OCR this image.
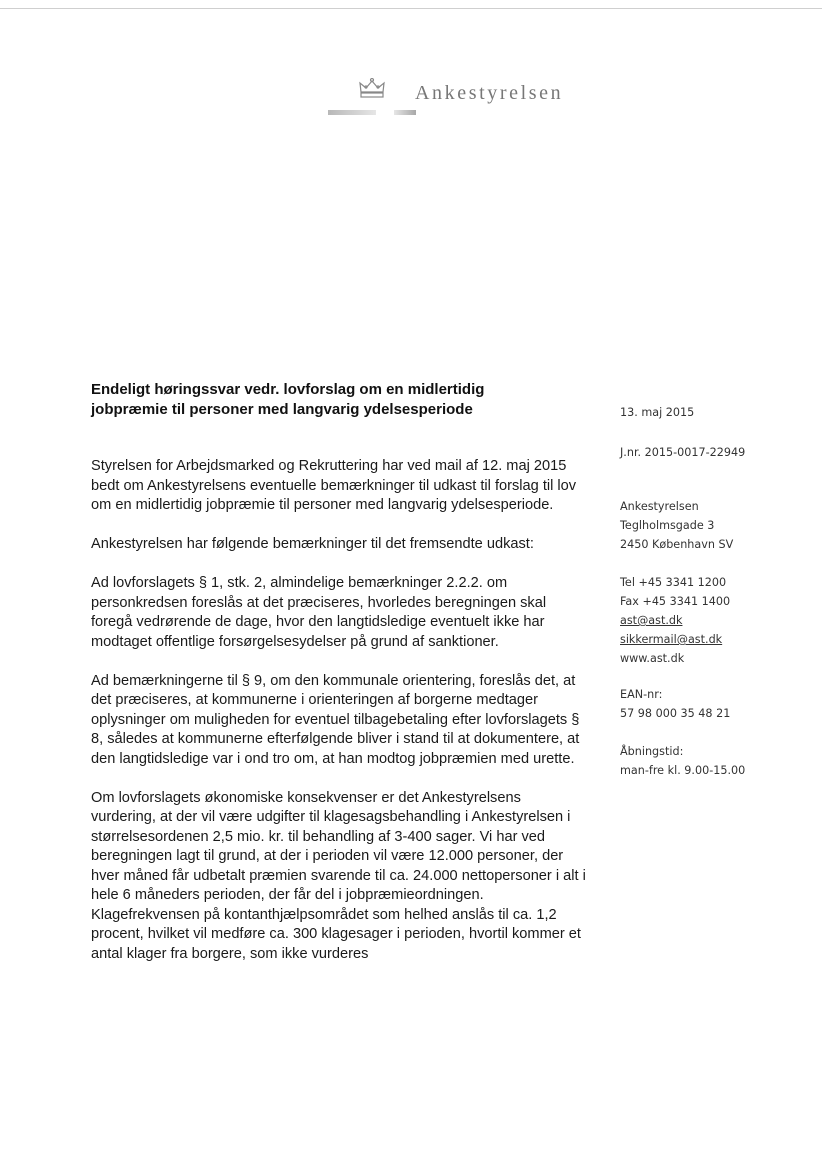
Ankestyrelsen
Endeligt høringssvar vedr. lovforslag om en midlertidig
jobpræmie til personer med langvarig ydelsesperiode

Styrelsen for Arbejdsmarked og Rekruttering har ved mail af 12. maj 2015 bedt om Ankestyrelsens eventuelle bemærkninger til udkast til forslag til lov om en midlertidig jobpræmie til personer med langvarig ydelsesperiode.

Ankestyrelsen har følgende bemærkninger til det fremsendte udkast:

Ad lovforslagets § 1, stk. 2, almindelige bemærkninger 2.2.2. om personkredsen foreslås at det præciseres, hvorledes beregningen skal foregå vedrørende de dage, hvor den langtidsledige eventuelt ikke har modtaget offentlige forsørgelsesydelser på grund af sanktioner.

Ad bemærkningerne til § 9, om den kommunale orientering, foreslås det, at det præciseres, at kommunerne i orienteringen af borgerne medtager oplysninger om muligheden for eventuel tilbagebetaling efter lovforslagets § 8, således at kommunerne efterfølgende bliver i stand til at dokumentere, at den langtidsledige var i ond tro om, at han modtog jobpræmien med urette.

Om lovforslagets økonomiske konsekvenser er det Ankestyrelsens vurdering, at der vil være udgifter til klagesagsbehandling i Ankestyrelsen i størrelsesordenen 2,5 mio. kr. til behandling af 3-400 sager. Vi har ved beregningen lagt til grund, at der i perioden vil være 12.000 personer, der hver måned får udbetalt præmien svarende til ca. 24.000 nettopersoner i alt i hele 6 måneders perioden, der får del i jobpræmieordningen. Klagefrekvensen på kontanthjælpsområdet som helhed anslås til ca. 1,2 procent, hvilket vil medføre ca. 300 klagesager i perioden, hvortil kommer et antal klager fra borgere, som ikke vurderes

13. maj 2015
J.nr. 2015-0017-22949
Ankestyrelsen
Teglholmsgade 3
2450 København SV
Tel +45 3341 1200
Fax +45 3341 1400
ast@ast.dk
sikkermail@ast.dk
www.ast.dk
EAN-nr:
57 98 000 35 48 21
Åbningstid:
man-fre kl. 9.00-15.00
